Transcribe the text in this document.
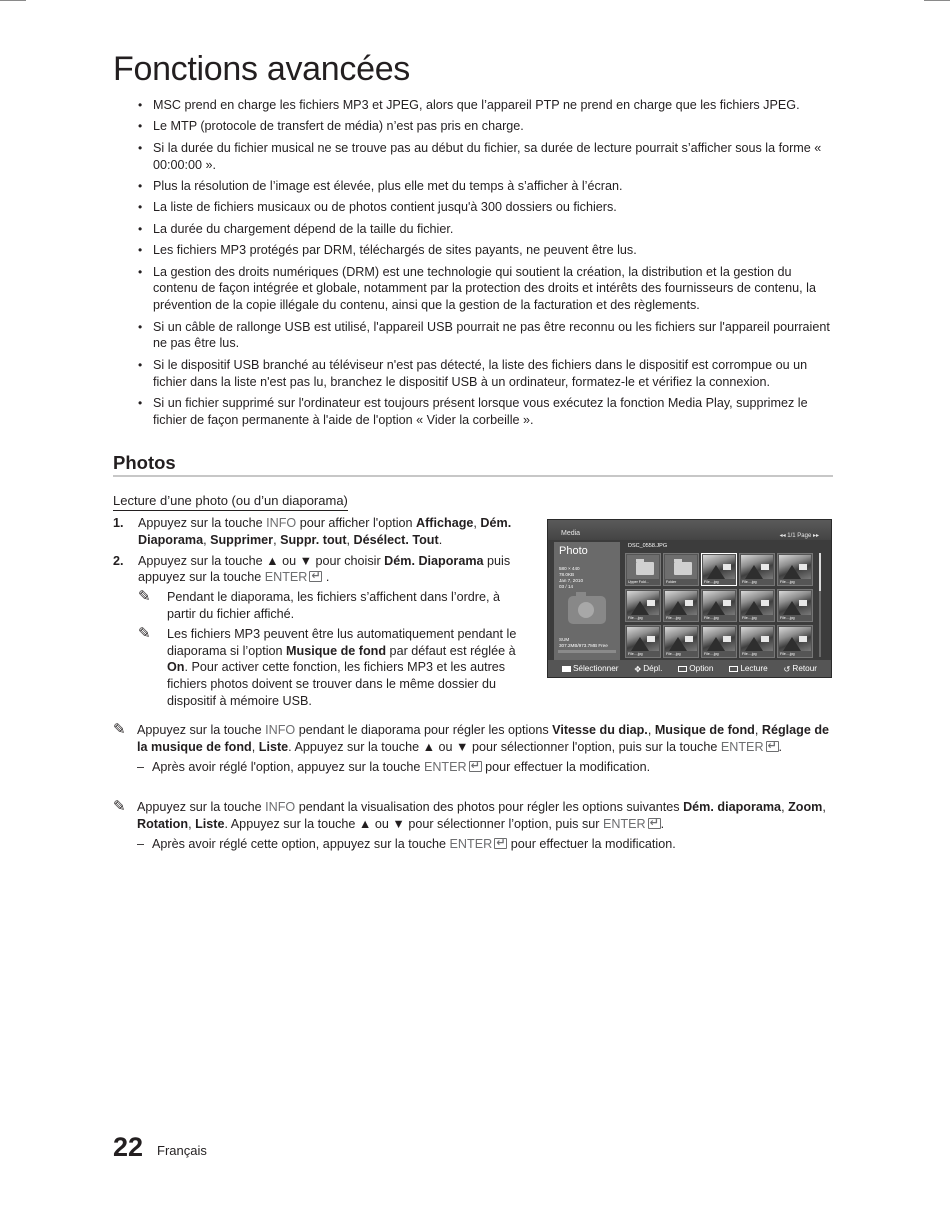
Fonctions avancées
• MSC prend en charge les fichiers MP3 et JPEG, alors que l’appareil PTP ne prend en charge que les fichiers JPEG.
• Le MTP (protocole de transfert de média) n’est pas pris en charge.
• Si la durée du fichier musical ne se trouve pas au début du fichier, sa durée de lecture pourrait s’afficher sous la forme « 00:00:00 ».
• Plus la résolution de l’image est élevée, plus elle met du temps à s’afficher à l’écran.
• La liste de fichiers musicaux ou de photos contient jusqu'à 300 dossiers ou fichiers.
• La durée du chargement dépend de la taille du fichier.
• Les fichiers MP3 protégés par DRM, téléchargés de sites payants, ne peuvent être lus.
• La gestion des droits numériques (DRM) est une technologie qui soutient la création, la distribution et la gestion du contenu de façon intégrée et globale, notamment par la protection des droits et intérêts des fournisseurs de contenu, la prévention de la copie illégale du contenu, ainsi que la gestion de la facturation et des règlements.
• Si un câble de rallonge USB est utilisé, l'appareil USB pourrait ne pas être reconnu ou les fichiers sur l'appareil pourraient ne pas être lus.
• Si le dispositif USB branché au téléviseur n'est pas détecté, la liste des fichiers dans le dispositif est corrompue ou un fichier dans la liste n'est pas lu, branchez le dispositif USB à un ordinateur, formatez-le et vérifiez la connexion.
• Si un fichier supprimé sur l'ordinateur est toujours présent lorsque vous exécutez la fonction Media Play, supprimez le fichier de façon permanente à l'aide de l'option « Vider la corbeille ».
Photos
Lecture d’une photo (ou d’un diaporama)
1. Appuyez sur la touche INFO pour afficher l'option Affichage, Dém. Diaporama, Supprimer, Suppr. tout, Désélect. Tout.
2. Appuyez sur la touche ▲ ou ▼ pour choisir Dém. Diaporama puis appuyez sur la touche ENTER↵ .
✎ Pendant le diaporama, les fichiers s’affichent dans l’ordre, à partir du fichier affiché.
✎ Les fichiers MP3 peuvent être lus automatiquement pendant le diaporama si l’option Musique de fond par défaut est réglée à On. Pour activer cette fonction, les fichiers MP3 et les autres fichiers photos doivent se trouver dans le même dossier du dispositif à mémoire USB.
Media	◂◂ 1/1 Page ▸▸
Photo
580 × 440
78.0KB
Jan 7, 2010
03 / 14
SUM
307.2MB/973.7MB Free
DSC_0558.JPG
Upper Fold...	Folder	File....jpg	File....jpg	File....jpg
File....jpg	File....jpg	File....jpg	File....jpg	File....jpg
File....jpg	File....jpg	File....jpg	File....jpg	File....jpg
Sélectionner ✥ Dépl.	Option	Lecture ↺ Retour
✎ Appuyez sur la touche INFO pendant le diaporama pour régler les options Vitesse du diap., Musique de fond, Réglage de la musique de fond, Liste. Appuyez sur la touche ▲ ou ▼ pour sélectionner l'option, puis sur la touche ENTER ↵ .
– Après avoir réglé l'option, appuyez sur la touche ENTER↵ pour effectuer la modification.
✎ Appuyez sur la touche INFO pendant la visualisation des photos pour régler les options suivantes Dém. diaporama, Zoom, Rotation, Liste. Appuyez sur la touche ▲ ou ▼ pour sélectionner l’option, puis sur ENTER ↵ .
– Après avoir réglé cette option, appuyez sur la touche ENTER↵ pour effectuer la modification.
22 Français
